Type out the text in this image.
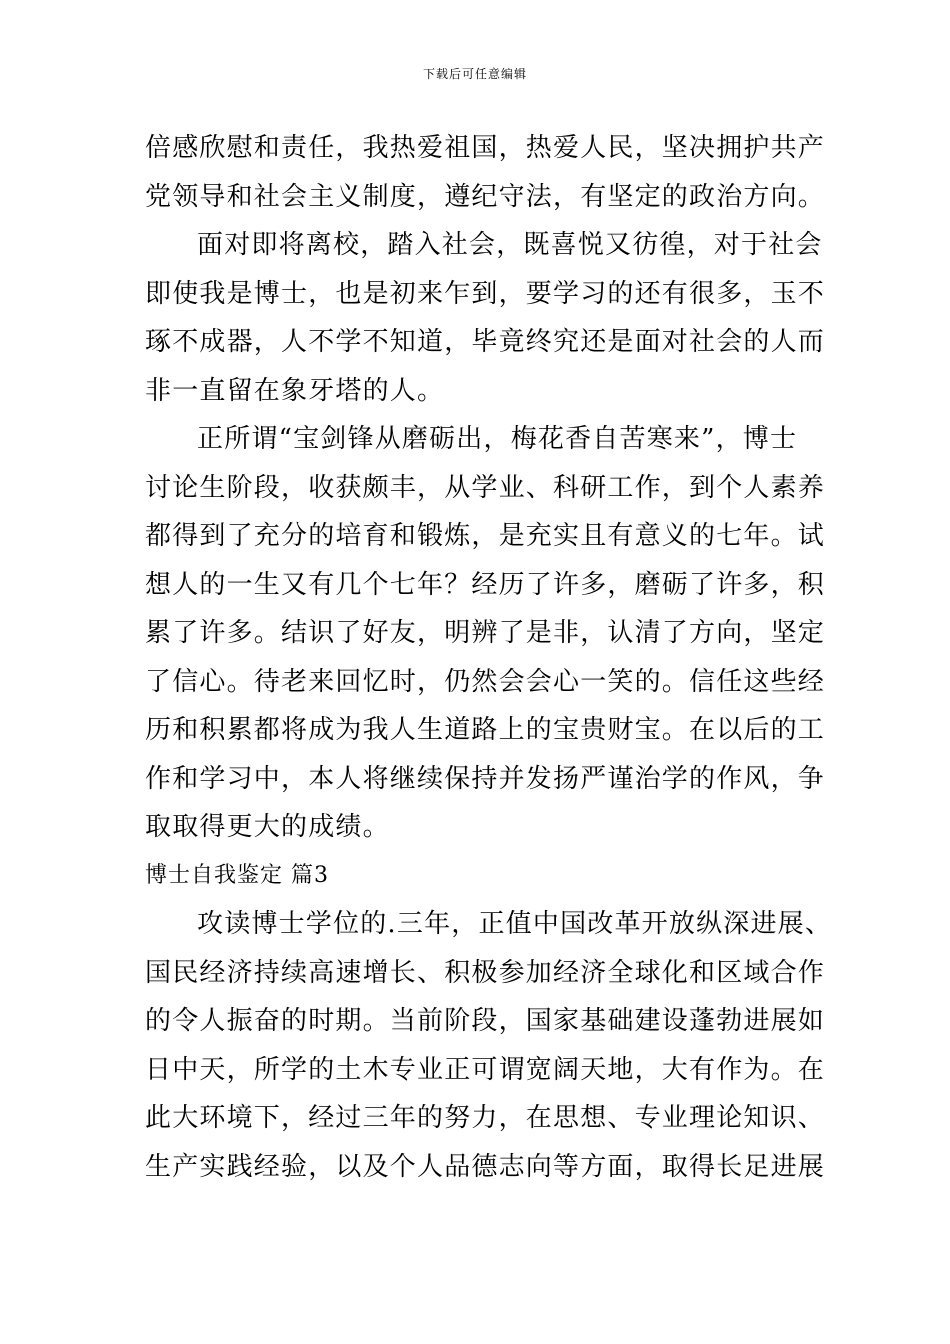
下载后可任意编辑
倍感欣慰和责任，我热爱祖国，热爱人民，坚决拥护共产
党领导和社会主义制度，遵纪守法，有坚定的政治方向。
面对即将离校，踏入社会，既喜悦又彷徨，对于社会
即使我是博士，也是初来乍到，要学习的还有很多，玉不
琢不成器，人不学不知道，毕竟终究还是面对社会的人而
非一直留在象牙塔的人。
正所谓“宝剑锋从磨砺出，梅花香自苦寒来”，博士
讨论生阶段，收获颇丰，从学业、科研工作，到个人素养
都得到了充分的培育和锻炼，是充实且有意义的七年。试
想人的一生又有几个七年？经历了许多，磨砺了许多，积
累了许多。结识了好友，明辨了是非，认清了方向，坚定
了信心。待老来回忆时，仍然会会心一笑的。信任这些经
历和积累都将成为我人生道路上的宝贵财宝。在以后的工
作和学习中，本人将继续保持并发扬严谨治学的作风，争
取取得更大的成绩。
博士自我鉴定 篇3
攻读博士学位的.三年，正值中国改革开放纵深进展、
国民经济持续高速增长、积极参加经济全球化和区域合作
的令人振奋的时期。当前阶段，国家基础建设蓬勃进展如
日中天，所学的土木专业正可谓宽阔天地，大有作为。在
此大环境下，经过三年的努力，在思想、专业理论知识、
生产实践经验，以及个人品德志向等方面，取得长足进展
